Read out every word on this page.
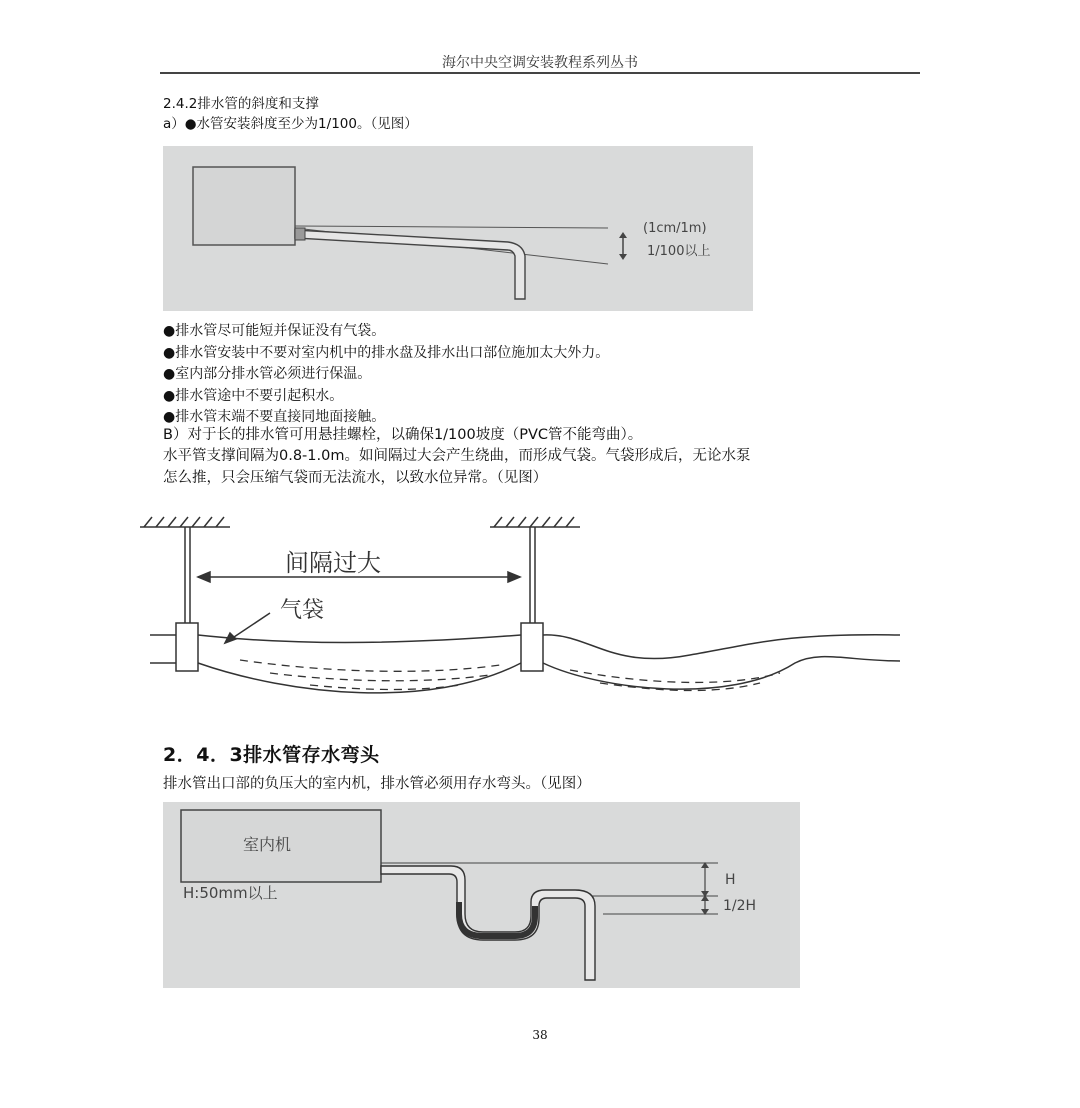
海尔中央空调安装教程系列丛书
2.4.2排水管的斜度和支撑
a）●水管安装斜度至少为1/100。（见图）
(1cm/1m)
1/100以上
●排水管尽可能短并保证没有气袋。
●排水管安装中不要对室内机中的排水盘及排水出口部位施加太大外力。
●室内部分排水管必须进行保温。
●排水管途中不要引起积水。
●排水管末端不要直接同地面接触。
B）对于长的排水管可用悬挂螺栓，以确保1/100坡度（PVC管不能弯曲）。
水平管支撑间隔为0.8-1.0m。如间隔过大会产生绕曲，而形成气袋。气袋形成后，无论水泵
怎么推，只会压缩气袋而无法流水，以致水位异常。（见图）
间隔过大
气袋
2．4．3排水管存水弯头
排水管出口部的负压大的室内机，排水管必须用存水弯头。（见图）
室内机
H:50mm以上
H
1/2H
38
